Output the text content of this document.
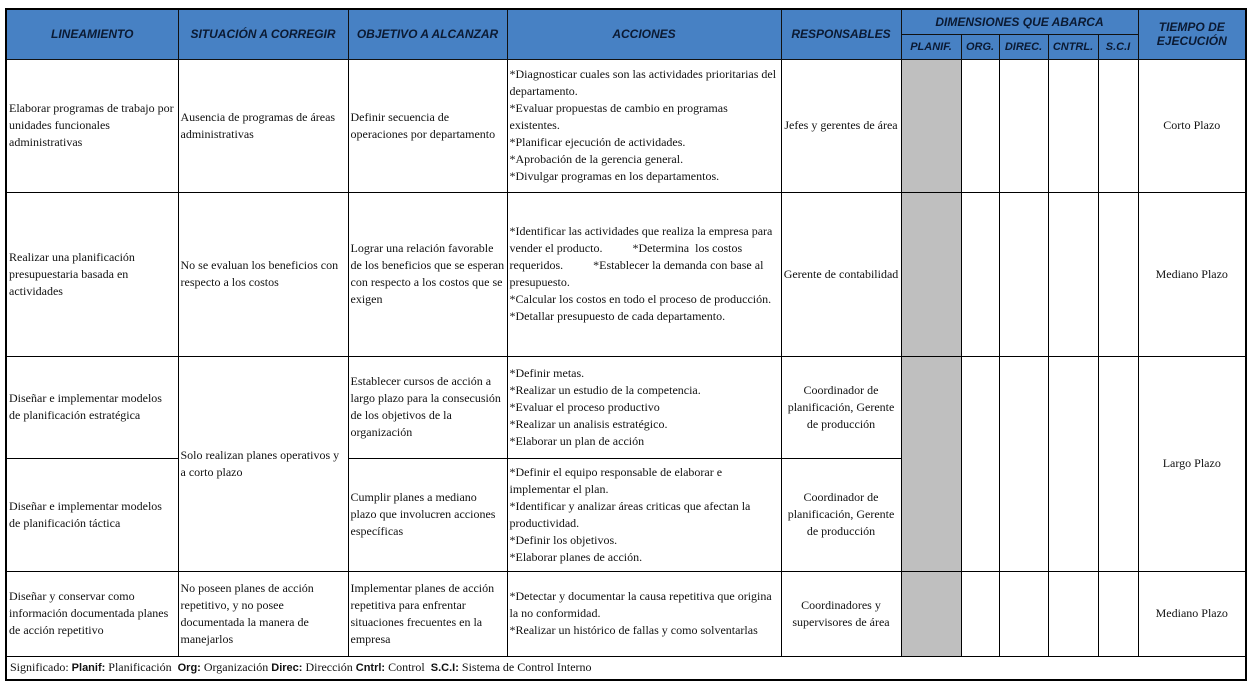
LINEAMIENTO	SITUACIÓN A CORREGIR	OBJETIVO A ALCANZAR	ACCIONES	RESPONSABLES	DIMENSIONES QUE ABARCA					TIEMPO DE EJECUCIÓN
					PLANIF.	ORG.	DIREC.	CNTRL.	S.C.I	
Elaborar programas de trabajo por unidades funcionales administrativas	Ausencia de programas de áreas administrativas	Definir secuencia de operaciones por departamento	*Diagnosticar cuales son las actividades prioritarias del departamento.
*Evaluar propuestas de cambio en programas existentes.
*Planificar ejecución de actividades.
*Aprobación de la gerencia general.
*Divulgar programas en los departamentos.	Jefes y gerentes de área						Corto Plazo
Realizar una planificación presupuestaria basada en actividades	No se evaluan los beneficios con respecto a los costos	Lograr una relación favorable de los beneficios que se esperan con respecto a los costos que se exigen	*Identificar las actividades que realiza la empresa para vender el producto.          *Determina  los costos requeridos.          *Establecer la demanda con base al presupuesto.
*Calcular los costos en todo el proceso de producción.
*Detallar presupuesto de cada departamento.	Gerente de contabilidad						Mediano Plazo
Diseñar e implementar modelos de planificación estratégica	Solo realizan planes operativos y a corto plazo	Establecer cursos de acción a largo plazo para la consecusión de los objetivos de la organización	*Definir metas.
*Realizar un estudio de la competencia.
*Evaluar el proceso productivo
*Realizar un analisis estratégico.
*Elaborar un plan de acción	Coordinador de planificación, Gerente de producción						Largo Plazo
Diseñar e implementar modelos de planificación táctica		Cumplir planes a mediano plazo que involucren acciones específicas	*Definir el equipo responsable de elaborar e implementar el plan.
*Identificar y analizar áreas criticas que afectan la productividad.
*Definir los objetivos.
*Elaborar planes de acción.	Coordinador de planificación, Gerente de producción						
Diseñar y conservar como información documentada planes de acción repetitivo	No poseen planes de acción repetitivo, y no posee documentada la manera de manejarlos	Implementar planes de acción repetitiva para enfrentar situaciones frecuentes en la empresa	*Detectar y documentar la causa repetitiva que origina la no conformidad.
*Realizar un histórico de fallas y como solventarlas	Coordinadores y supervisores de área						Mediano Plazo
Significado: Planif: Planificación  Org: Organización Direc: Dirección Cntrl: Control  S.C.I: Sistema de Control Interno										
